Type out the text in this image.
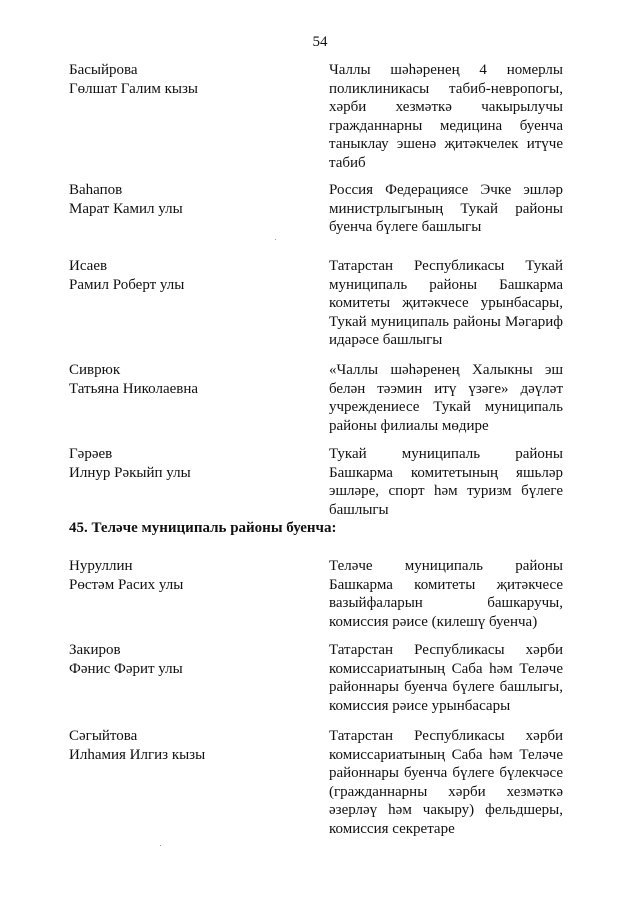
54
Басыйрова
Гөлшат Галим кызы
Чаллы шәһәренең 4 номерлы поликлиникасы табиб-невропогы, хәрби хезмәткә чакырылучы гражданнарны медицина буенча таныклау эшенә җитәкчелек итүче табиб
Ваһапов
Марат Камил улы
Россия Федерациясе Эчке эшләр министрлыгының Тукай районы буенча бүлеге башлыгы
Исаев
Рамил Роберт улы
Татарстан Республикасы Тукай муниципаль районы Башкарма комитеты җитәкчесе урынбасары, Тукай муниципаль районы Мәгариф идарәсе башлыгы
Сиврюк
Татьяна Николаевна
«Чаллы шәһәренең Халыкны эш белән тәэмин итү үзәге» дәүләт учреждениесе Тукай муниципаль районы филиалы мөдире
Гәрәев
Илнур Рәкыйп улы
Тукай муниципаль районы Башкарма комитетының яшьләр эшләре, спорт һәм туризм бүлеге башлыгы
45. Теләче муниципаль районы буенча:
Нуруллин
Рөстәм Расих улы
Теләче муниципаль районы Башкарма комитеты җитәкчесе вазыйфаларын башкаручы, комиссия рәисе (килешү буенча)
Закиров
Фәнис Фәрит улы
Татарстан Республикасы хәрби комиссариатының Саба һәм Теләче районнары буенча бүлеге башлыгы, комиссия рәисе урынбасары
Сәгыйтова
Илһамия Илгиз кызы
Татарстан Республикасы хәрби комиссариатының Саба һәм Теләче районнары буенча бүлеге бүлекчәсе (гражданнарны хәрби хезмәткә әзерләү һәм чакыру) фельдшеры, комиссия секретаре
